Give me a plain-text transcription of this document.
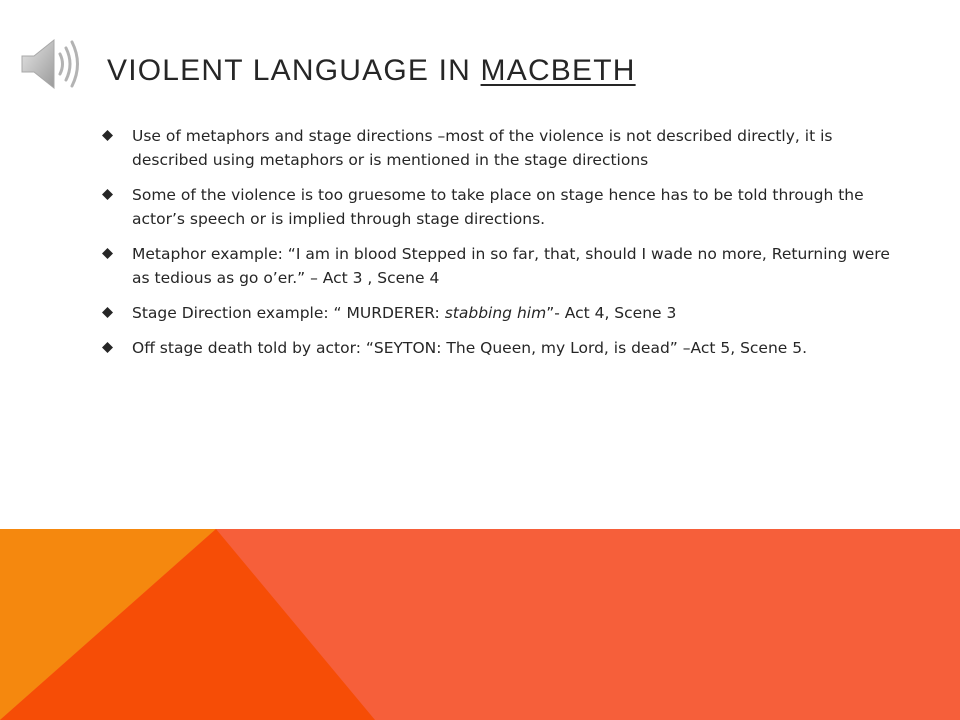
VIOLENT LANGUAGE IN MACBETH
Use of metaphors and stage directions –most of the violence is not described directly, it is described using metaphors or is mentioned in the stage directions
Some of the violence is too gruesome to take place on stage hence has to be told through the actor’s speech or is implied through stage directions.
Metaphor example: “I am in blood Stepped in so far, that, should I wade no more, Returning were as tedious as go o’er.” – Act 3 , Scene 4
Stage Direction example: “ MURDERER: stabbing him”- Act 4, Scene 3
Off stage death told by actor: “SEYTON: The Queen, my Lord, is dead” –Act 5, Scene 5.
